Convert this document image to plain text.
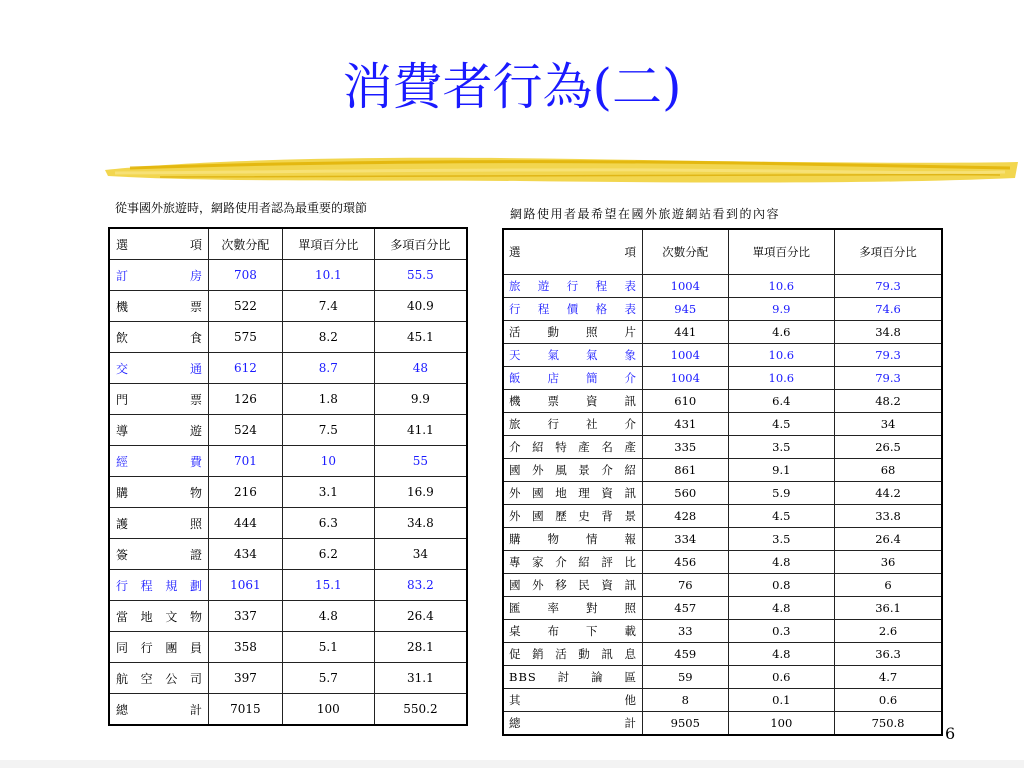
消費者行為(二)
從事國外旅遊時，網路使用者認為最重要的環節	網路使用者最希望在國外旅遊網站看到的內容
選　　項	次數分配	單項百分比	多項百分比
訂房	708	10.1	55.5
機票	522	7.4	40.9
飲食	575	8.2	45.1
交通	612	8.7	48
門票	126	1.8	9.9
導遊	524	7.5	41.1
經費	701	10	55
購物	216	3.1	16.9
護照	444	6.3	34.8
簽證	434	6.2	34
行程規劃	1061	15.1	83.2
當地文物	337	4.8	26.4
同行團員	358	5.1	28.1
航空公司	397	5.7	31.1
總計	7015	100	550.2
選　　項	次數分配	單項百分比	多項百分比
旅遊行程表	1004	10.6	79.3
行程價格表	945	9.9	74.6
活動照片	441	4.6	34.8
天氣氣象	1004	10.6	79.3
飯店簡介	1004	10.6	79.3
機票資訊	610	6.4	48.2
旅行社介	431	4.5	34
介紹特產名產	335	3.5	26.5
國外風景介紹	861	9.1	68
外國地理資訊	560	5.9	44.2
外國歷史背景	428	4.5	33.8
購物情報	334	3.5	26.4
專家介紹評比	456	4.8	36
國外移民資訊	76	0.8	6
匯率對照	457	4.8	36.1
桌布下載	33	0.3	2.6
促銷活動訊息	459	4.8	36.3
BBS討論區	59	0.6	4.7
其他	8	0.1	0.6
總計	9505	100	750.8
6
